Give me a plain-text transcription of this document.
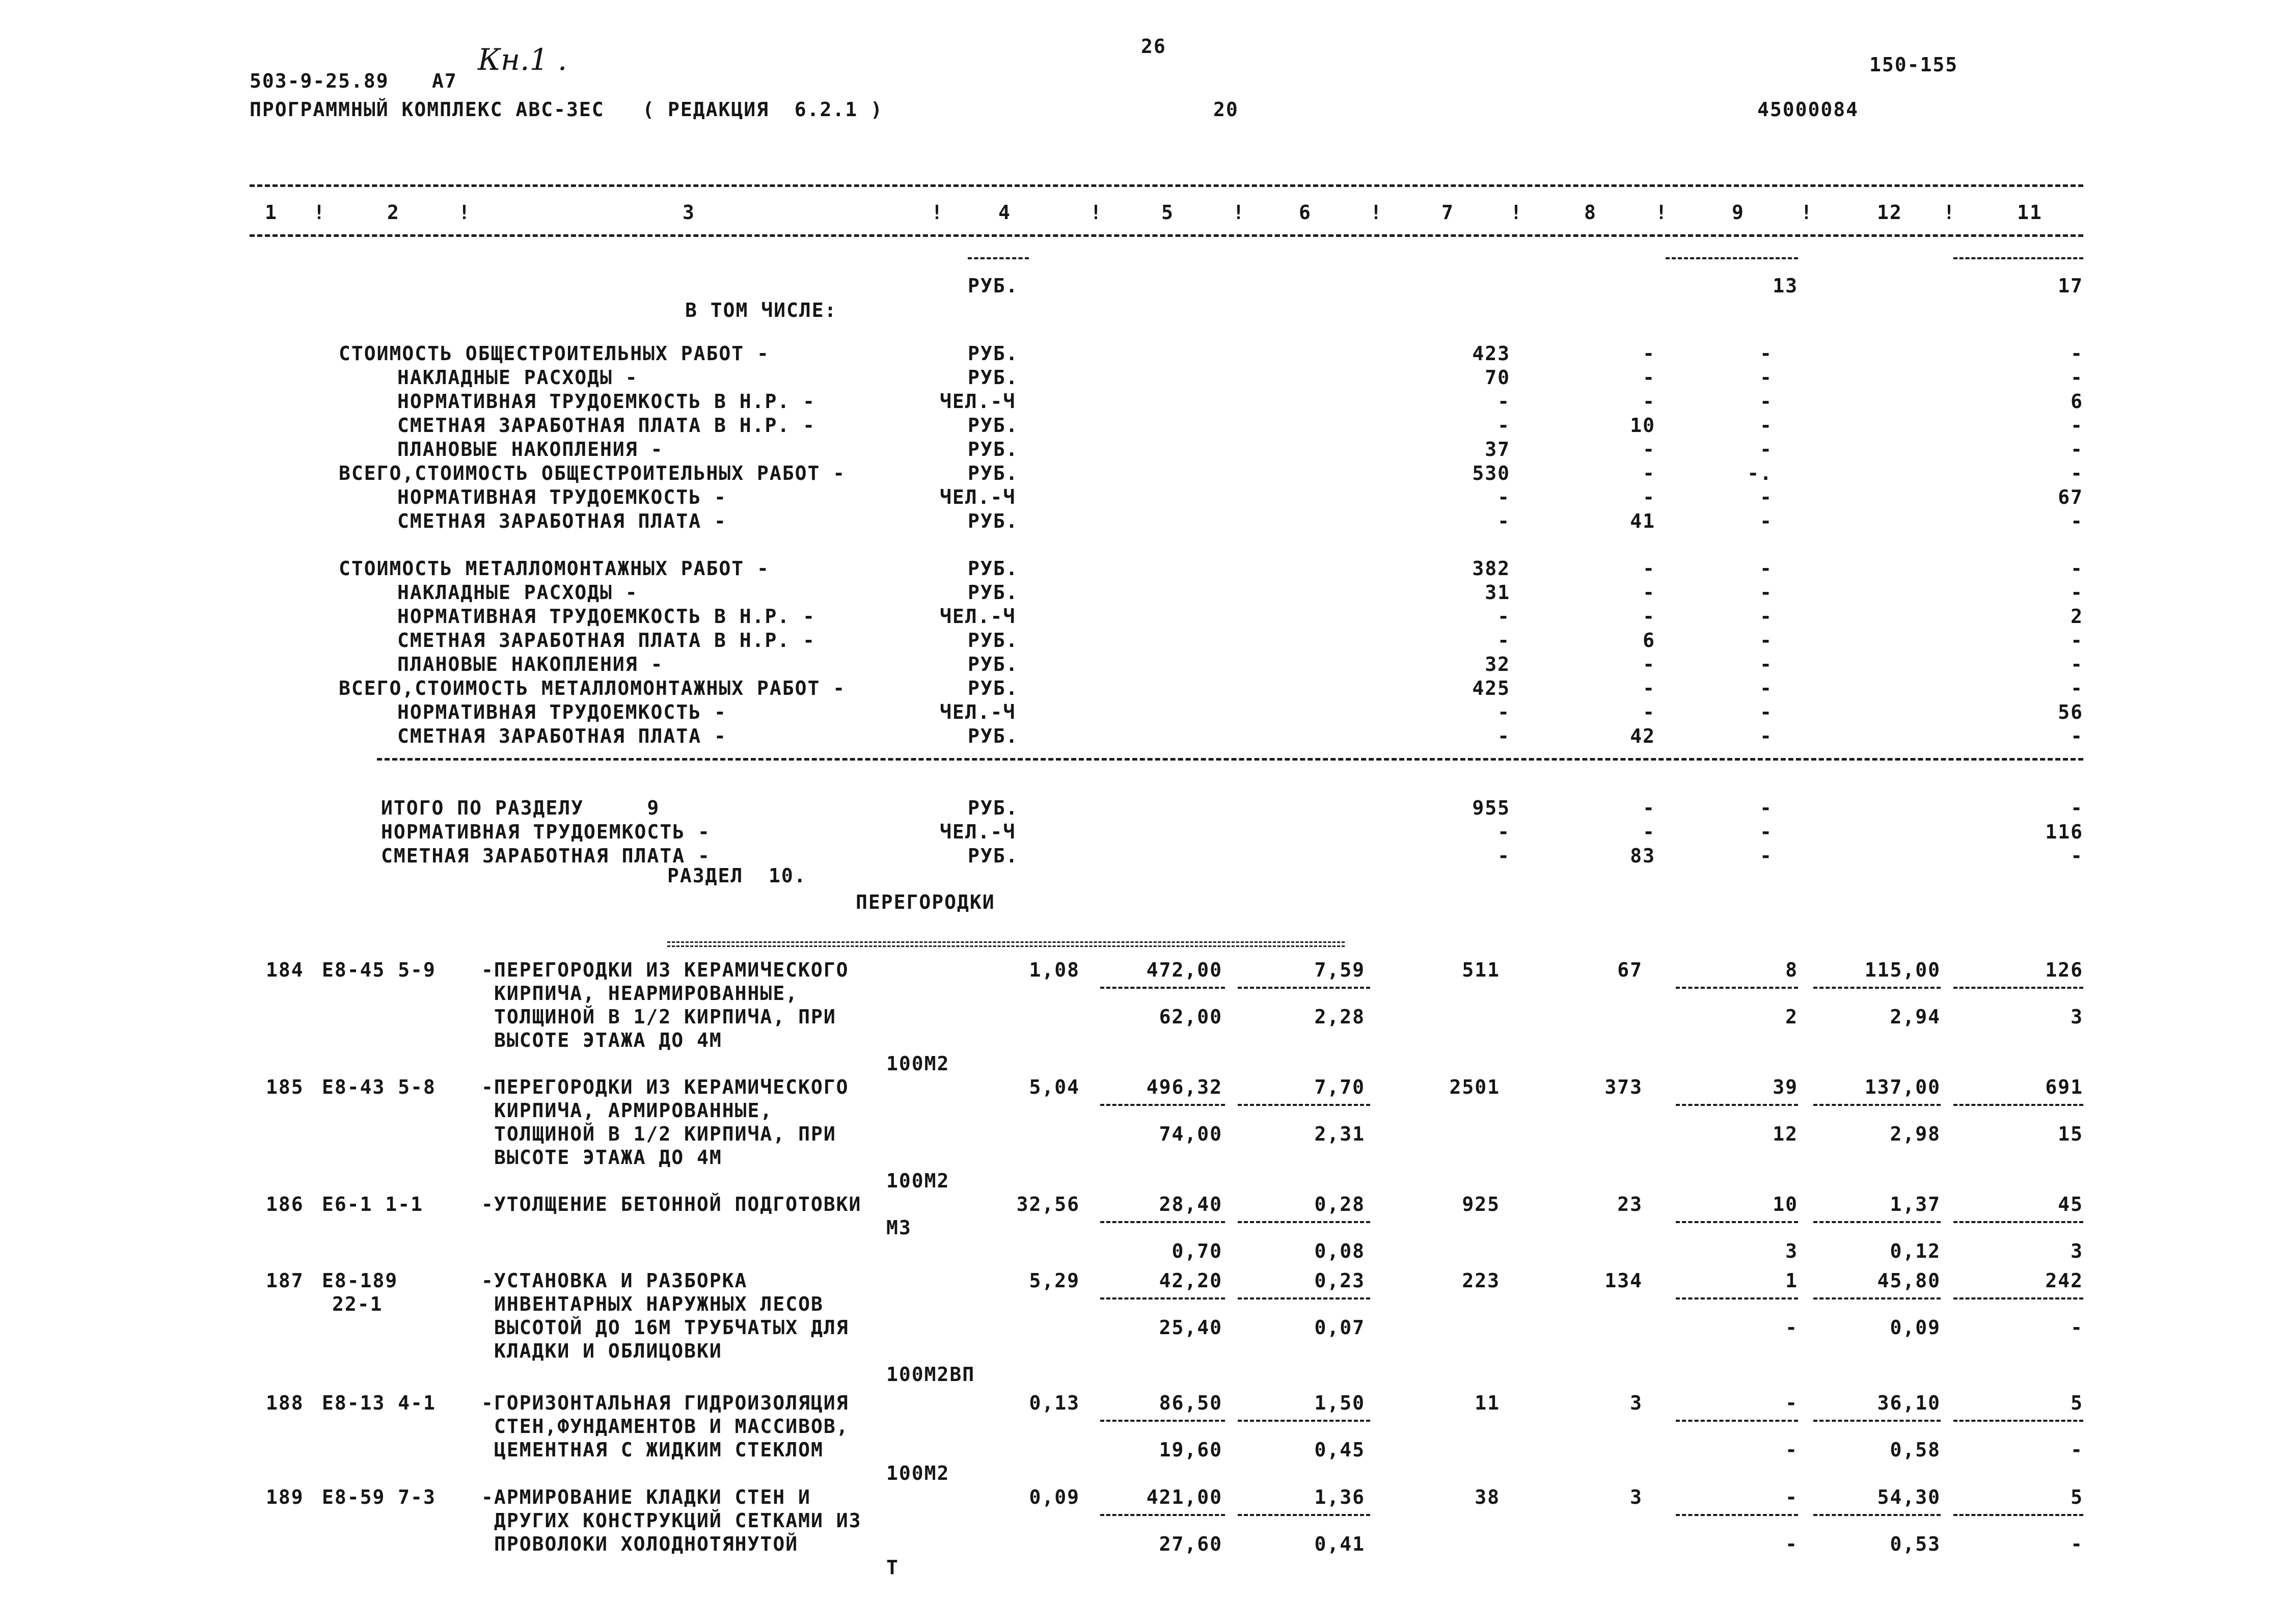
26
503-9-25.89 А7
Кн.1 .	150-155
ПРОГРАММНЫЙ КОМПЛЕКС АВС-3ЕС   ( РЕДАКЦИЯ  6.2.1 )	20	45000084
1	2	3	4	5	6	7	8	9	12	11
!	!	!	!	!	!	!	!	!	!
РУБ.	13	17
В ТОМ ЧИСЛЕ:
СТОИМОСТЬ ОБЩЕСТРОИТЕЛЬНЫХ РАБОТ -	РУБ.	423	-	-	-
НАКЛАДНЫЕ РАСХОДЫ -	РУБ.	70	-	-	-
НОРМАТИВНАЯ ТРУДОЕМКОСТЬ В Н.Р. -	ЧЕЛ.-Ч	-	-	-	6
СМЕТНАЯ ЗАРАБОТНАЯ ПЛАТА В Н.Р. -	РУБ.	-	10	-	-
ПЛАНОВЫЕ НАКОПЛЕНИЯ -	РУБ.	37	-	-	-
ВСЕГО,СТОИМОСТЬ ОБЩЕСТРОИТЕЛЬНЫХ РАБОТ -	РУБ.	530	-	-.	-
НОРМАТИВНАЯ ТРУДОЕМКОСТЬ -	ЧЕЛ.-Ч	-	-	-	67
СМЕТНАЯ ЗАРАБОТНАЯ ПЛАТА -	РУБ.	-	41	-	-
СТОИМОСТЬ МЕТАЛЛОМОНТАЖНЫХ РАБОТ -	РУБ.	382	-	-	-
НАКЛАДНЫЕ РАСХОДЫ -	РУБ.	31	-	-	-
НОРМАТИВНАЯ ТРУДОЕМКОСТЬ В Н.Р. -	ЧЕЛ.-Ч	-	-	-	2
СМЕТНАЯ ЗАРАБОТНАЯ ПЛАТА В Н.Р. -	РУБ.	-	6	-	-
ПЛАНОВЫЕ НАКОПЛЕНИЯ -	РУБ.	32	-	-	-
ВСЕГО,СТОИМОСТЬ МЕТАЛЛОМОНТАЖНЫХ РАБОТ -	РУБ.	425	-	-	-
НОРМАТИВНАЯ ТРУДОЕМКОСТЬ -	ЧЕЛ.-Ч	-	-	-	56
СМЕТНАЯ ЗАРАБОТНАЯ ПЛАТА -	РУБ.	-	42	-	-
ИТОГО ПО РАЗДЕЛУ     9	РУБ.	955	-	-	-
НОРМАТИВНАЯ ТРУДОЕМКОСТЬ -	ЧЕЛ.-Ч	-	-	-	116
СМЕТНАЯ ЗАРАБОТНАЯ ПЛАТА -	РУБ.	-	83	-	-
РАЗДЕЛ  10.
ПЕРЕГОРОДКИ
184 Е8-45 5-9 -ПЕРЕГОРОДКИ ИЗ КЕРАМИЧЕСКОГО
КИРПИЧА, НЕАРМИРОВАННЫЕ,
ТОЛЩИНОЙ В 1/2 КИРПИЧА, ПРИ
ВЫСОТЕ ЭТАЖА ДО 4М
100М2
1,08	472,00	7,59	511	67	8	115,00	126
62,00	2,28	2	2,94	3
185 Е8-43 5-8 -ПЕРЕГОРОДКИ ИЗ КЕРАМИЧЕСКОГО
КИРПИЧА, АРМИРОВАННЫЕ,
ТОЛЩИНОЙ В 1/2 КИРПИЧА, ПРИ
ВЫСОТЕ ЭТАЖА ДО 4М
100М2
5,04	496,32	7,70	2501	373	39	137,00	691
74,00	2,31	12	2,98	15
186 Е6-1 1-1	-УТОЛЩЕНИЕ БЕТОННОЙ ПОДГОТОВКИ
М3
32,56	28,40	0,28	925	23	10	1,37	45
0,70	0,08	3	0,12	3
187 Е8-189
22-1
-УСТАНОВКА И РАЗБОРКА
ИНВЕНТАРНЫХ НАРУЖНЫХ ЛЕСОВ
ВЫСОТОЙ ДО 16М ТРУБЧАТЫХ ДЛЯ
КЛАДКИ И ОБЛИЦОВКИ
100М2ВП
5,29	42,20	0,23	223	134	1	45,80	242
25,40	0,07	-	0,09	-
188 Е8-13 4-1 -ГОРИЗОНТАЛЬНАЯ ГИДРОИЗОЛЯЦИЯ
СТЕН,ФУНДАМЕНТОВ И МАССИВОВ,
ЦЕМЕНТНАЯ С ЖИДКИМ СТЕКЛОМ
100М2
0,13	86,50	1,50	11	3	-	36,10	5
19,60	0,45	-	0,58	-
189 Е8-59 7-3 -АРМИРОВАНИЕ КЛАДКИ СТЕН И
ДРУГИХ КОНСТРУКЦИЙ СЕТКАМИ ИЗ
ПРОВОЛОКИ ХОЛОДНОТЯНУТОЙ
Т
0,09	421,00	1,36	38	3	-	54,30	5
27,60	0,41	-	0,53	-
